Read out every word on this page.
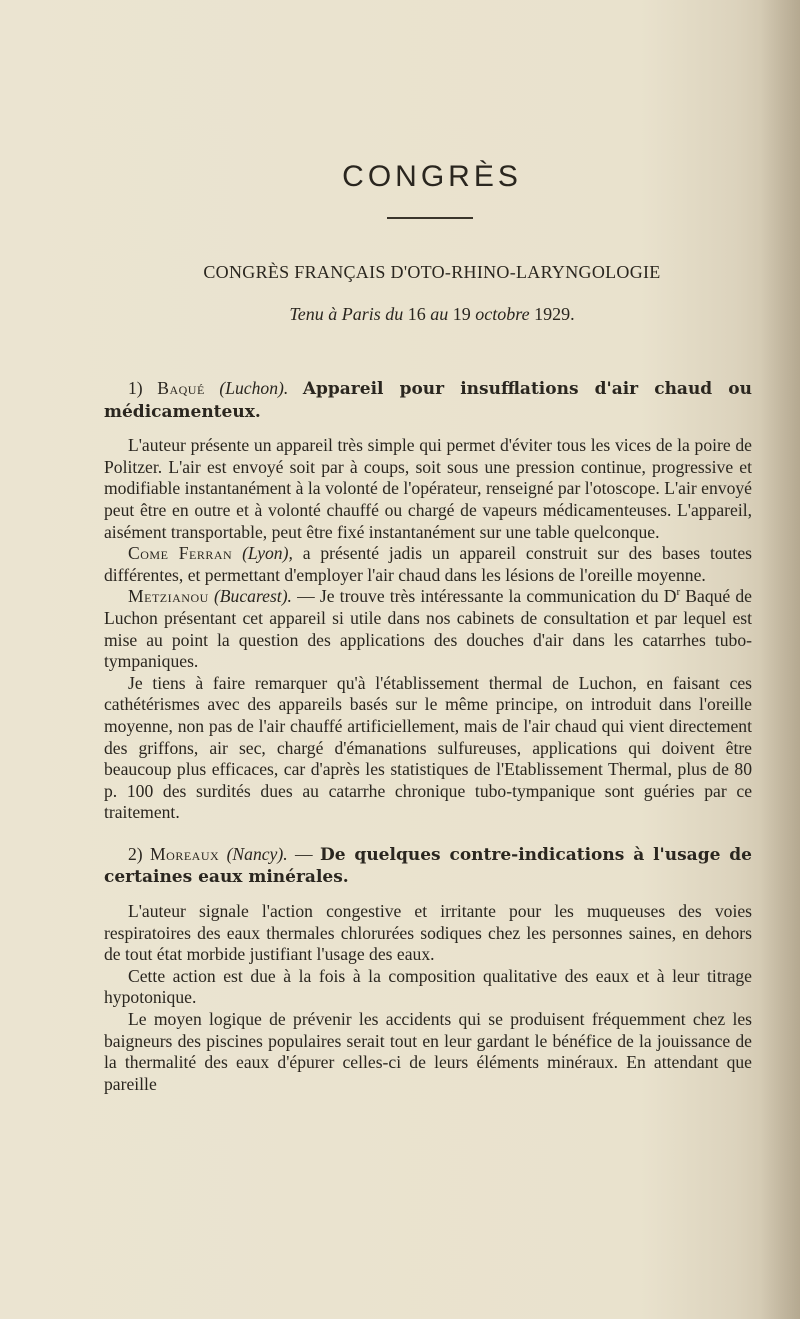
CONGRÈS
CONGRÈS FRANÇAIS D'OTO-RHINO-LARYNGOLOGIE
Tenu à Paris du 16 au 19 octobre 1929.

1) Baqué (Luchon). Appareil pour insufflations d'air chaud ou médicamenteux.

L'auteur présente un appareil très simple qui permet d'éviter tous les vices de la poire de Politzer. L'air est envoyé soit par à coups, soit sous une pression continue, progressive et modifiable instantanément à la volonté de l'opérateur, renseigné par l'otoscope. L'air envoyé peut être en outre et à volonté chauffé ou chargé de vapeurs médicamenteuses. L'appareil, aisément transportable, peut être fixé instantanément sur une table quelconque.

Come Ferran (Lyon), a présenté jadis un appareil construit sur des bases toutes différentes, et permettant d'employer l'air chaud dans les lésions de l'oreille moyenne.

Metzianou (Bucarest). — Je trouve très intéressante la communication du $D^r$ Baqué de Luchon présentant cet appareil si utile dans nos cabinets de consultation et par lequel est mise au point la question des applications des douches d'air dans les catarrhes tubo-tympaniques.

Je tiens à faire remarquer qu'à l'établissement thermal de Luchon, en faisant ces cathétérismes avec des appareils basés sur le même principe, on introduit dans l'oreille moyenne, non pas de l'air chauffé artificiellement, mais de l'air chaud qui vient directement des griffons, air sec, chargé d'émanations sulfureuses, applications qui doivent être beaucoup plus efficaces, car d'après les statistiques de l'Etablissement Thermal, plus de 80 p. 100 des surdités dues au catarrhe chronique tubo-tympanique sont guéries par ce traitement.

2) Moreaux (Nancy). — De quelques contre-indications à l'usage de certaines eaux minérales.

L'auteur signale l'action congestive et irritante pour les muqueuses des voies respiratoires des eaux thermales chlorurées sodiques chez les personnes saines, en dehors de tout état morbide justifiant l'usage des eaux.

Cette action est due à la fois à la composition qualitative des eaux et à leur titrage hypotonique.

Le moyen logique de prévenir les accidents qui se produisent fréquemment chez les baigneurs des piscines populaires serait tout en leur gardant le bénéfice de la jouissance de la thermalité des eaux d'épurer celles-ci de leurs éléments minéraux. En attendant que pareille
